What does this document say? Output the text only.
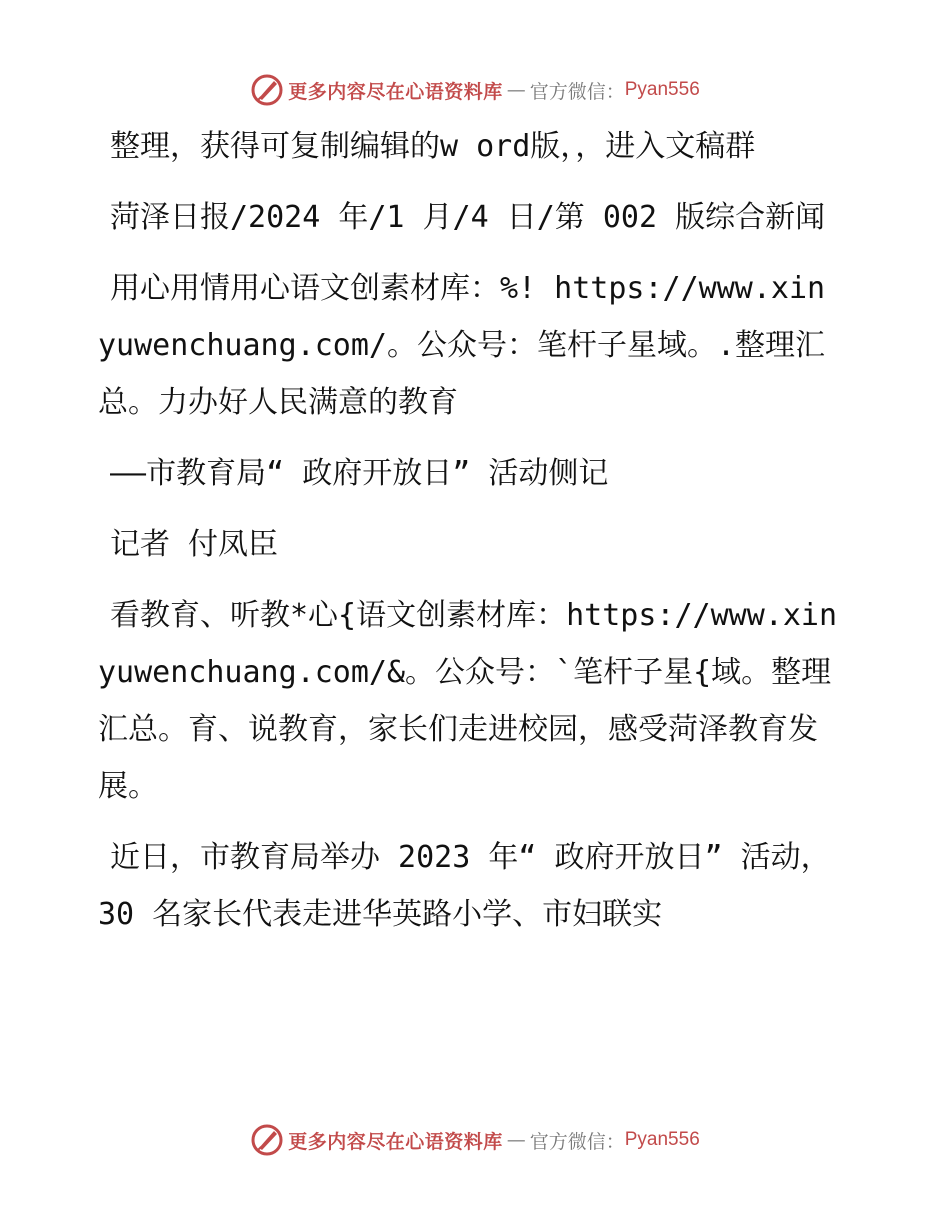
更多内容尽在心语资料库 — 官方微信： Pyan556

整理，获得可复制编辑的w ord版，，进入文稿群

菏泽日报/2024 年/1 月/4 日/第 002 版综合新闻

用心用情用心语文创素材库：%! https://www.xinyuwenchuang.com/。公众号：笔杆子星域。.整理汇总。力办好人民满意的教育

——市教育局“ 政府开放日” 活动侧记

记者 付凤臣

看教育、听教*心{语文创素材库：https://www.xinyuwenchuang.com/&。公众号：`笔杆子星{域。整理汇总。育、说教育，家长们走进校园，感受菏泽教育发展。

近日，市教育局举办 2023 年“ 政府开放日” 活动，30 名家长代表走进华英路小学、市妇联实

更多内容尽在心语资料库 — 官方微信： Pyan556
